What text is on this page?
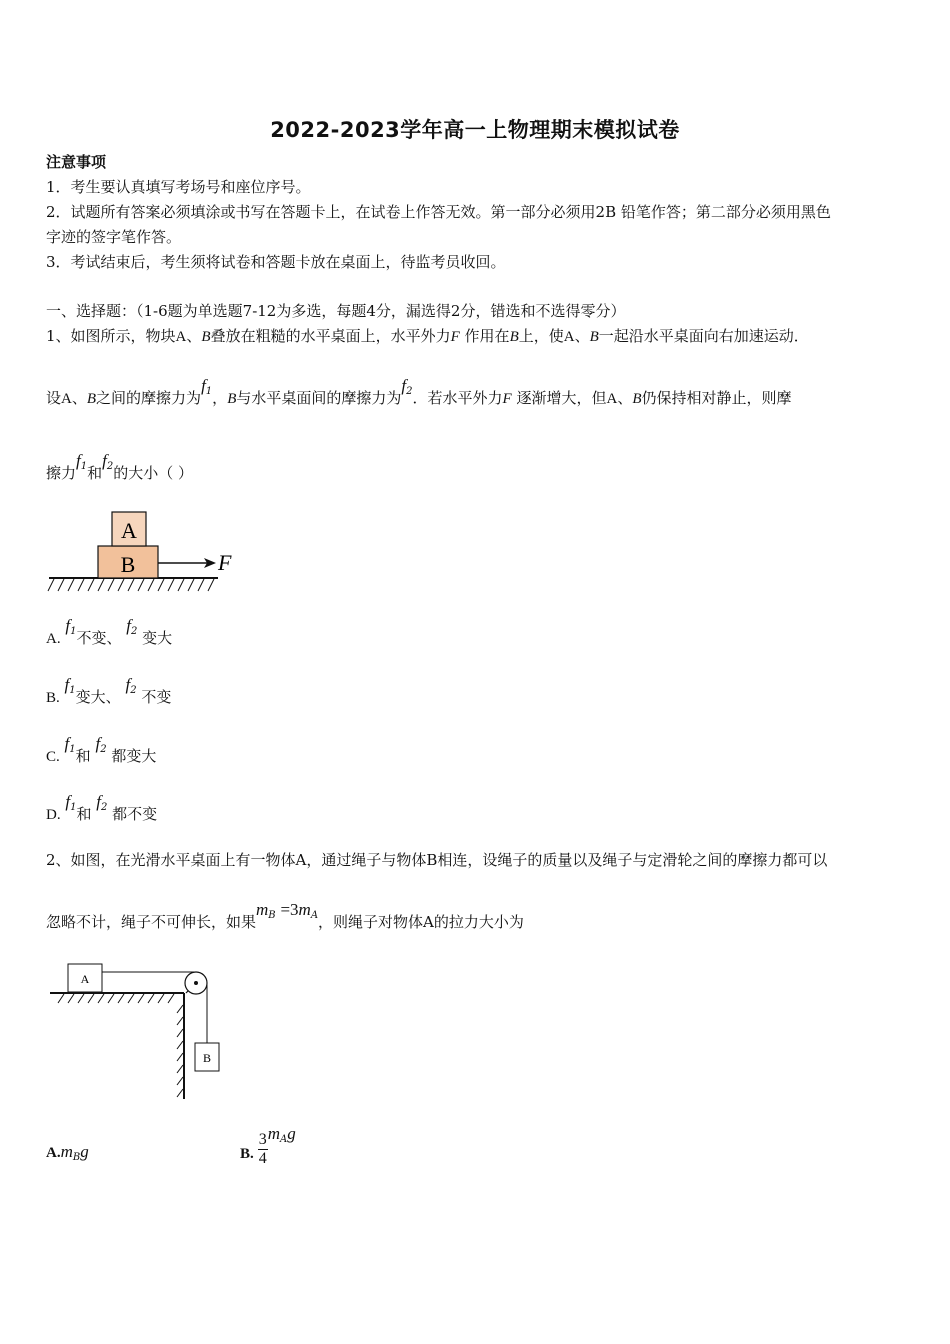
2022-2023学年高一上物理期末模拟试卷
注意事项
1．考生要认真填写考场号和座位序号。
2．试题所有答案必须填涂或书写在答题卡上，在试卷上作答无效。第一部分必须用2B 铅笔作答；第二部分必须用黑色
字迹的签字笔作答。
3．考试结束后，考生须将试卷和答题卡放在桌面上，待监考员收回。
一、选择题：（1-6题为单选题7-12为多选，每题4分，漏选得2分，错选和不选得零分）
1、如图所示，物块A、B叠放在粗糙的水平桌面上，水平外力F 作用在B上，使A、B一起沿水平桌面向右加速运动．
设A、B之间的摩擦力为$f_1$，B与水平桌面间的摩擦力为$f_2$．若水平外力F 逐渐增大，但A、B仍保持相对静止，则摩
擦力$f_1$和$f_2$的大小（ ）
A
B	F
A. $f_1$不变、 $f_2$ 变大
B. $f_1$变大、 $f_2$ 不变
C. $f_1$和 $f_2$ 都变大
D. $f_1$和 $f_2$ 都不变
2、如图，在光滑水平桌面上有一物体A，通过绳子与物体B相连，设绳子的质量以及绳子与定滑轮之间的摩擦力都可以
忽略不计，绳子不可伸长，如果$m_B =3m_A$，则绳子对物体A的拉力大小为
A
B
$A.m_Bg$	B. $\frac{3}{4} m_Ag$
